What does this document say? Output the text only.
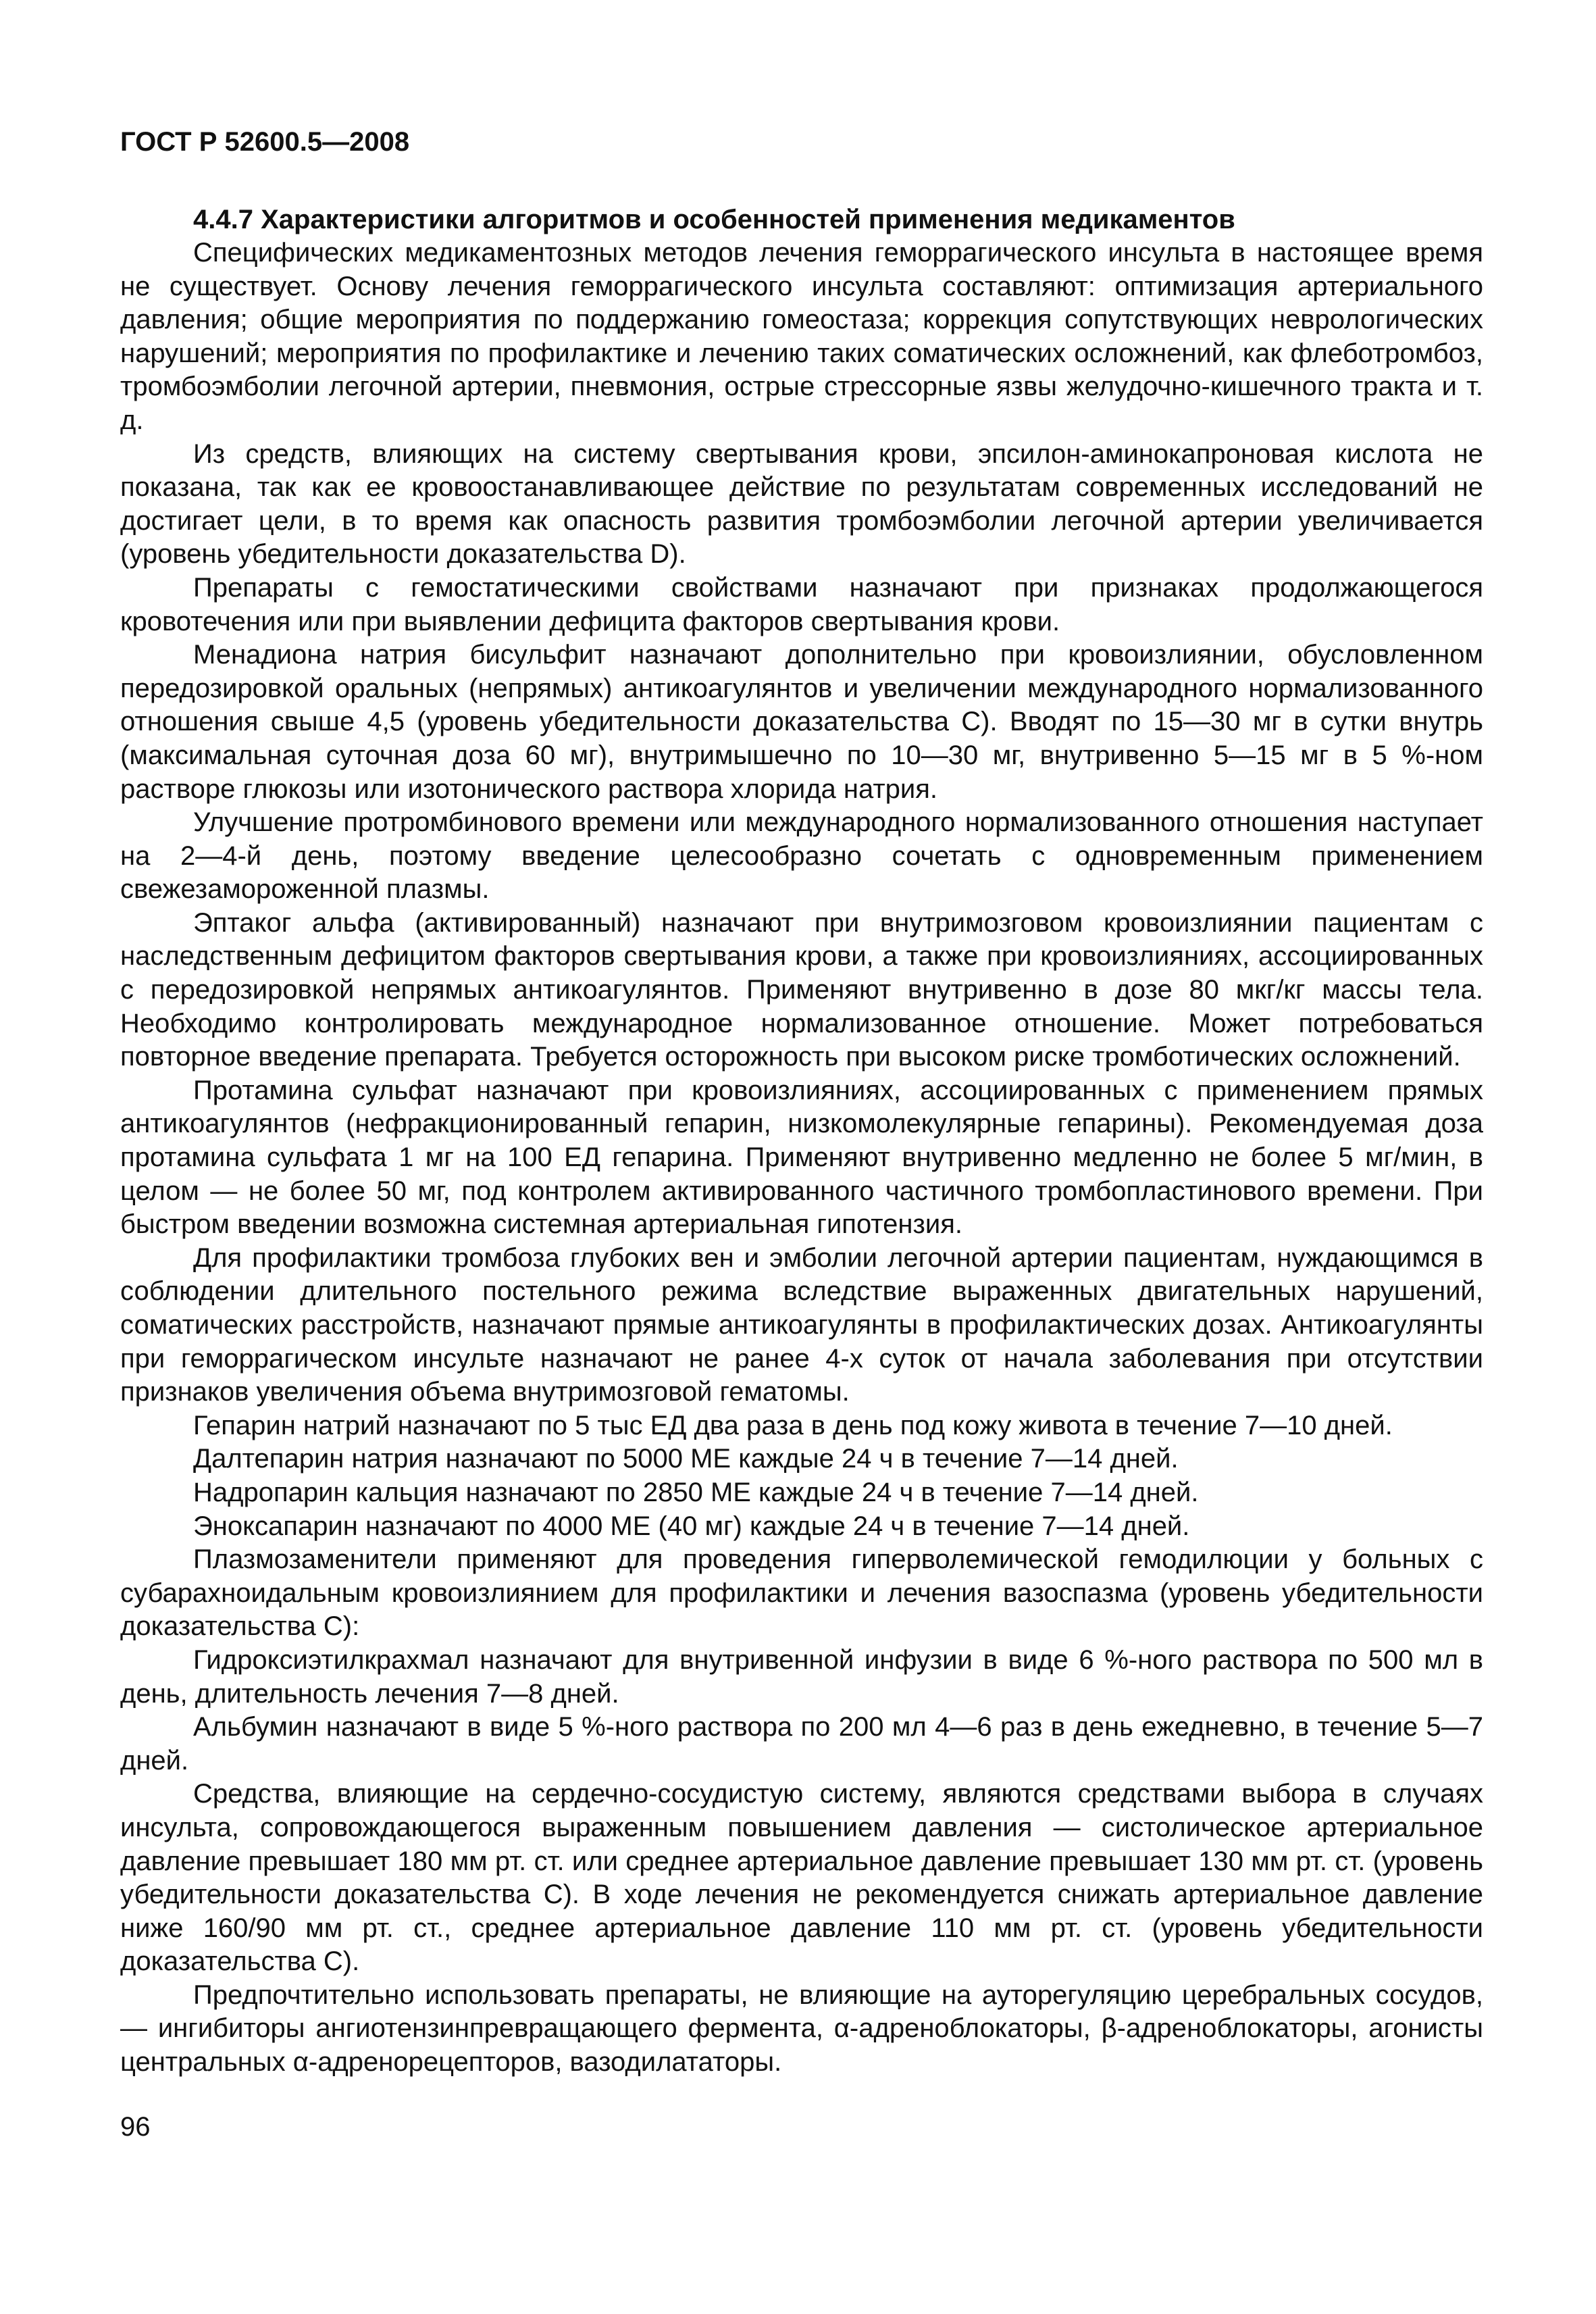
ГОСТ Р 52600.5—2008

4.4.7 Характеристики алгоритмов и особенностей применения медикаментов

Специфических медикаментозных методов лечения геморрагического инсульта в настоящее время не существует. Основу лечения геморрагического инсульта составляют: оптимизация артериального давления; общие мероприятия по поддержанию гомеостаза; коррекция сопутствующих неврологических нарушений; мероприятия по профилактике и лечению таких соматических осложнений, как флеботромбоз, тромбоэмболии легочной артерии, пневмония, острые стрессорные язвы желудочно-кишечного тракта и т. д.

Из средств, влияющих на систему свертывания крови, эпсилон-аминокапроновая кислота не показана, так как ее кровоостанавливающее действие по результатам современных исследований не достигает цели, в то время как опасность развития тромбоэмболии легочной артерии увеличивается (уровень убедительности доказательства D).

Препараты с гемостатическими свойствами назначают при признаках продолжающегося кровотечения или при выявлении дефицита факторов свертывания крови.

Менадиона натрия бисульфит назначают дополнительно при кровоизлиянии, обусловленном передозировкой оральных (непрямых) антикоагулянтов и увеличении международного нормализованного отношения свыше 4,5 (уровень убедительности доказательства С). Вводят по 15—30 мг в сутки внутрь (максимальная суточная доза 60 мг), внутримышечно по 10—30 мг, внутривенно 5—15 мг в 5 %-ном растворе глюкозы или изотонического раствора хлорида натрия.

Улучшение протромбинового времени или международного нормализованного отношения наступает на 2—4-й день, поэтому введение целесообразно сочетать с одновременным применением свежезамороженной плазмы.

Эптаког альфа (активированный) назначают при внутримозговом кровоизлиянии пациентам с наследственным дефицитом факторов свертывания крови, а также при кровоизлияниях, ассоциированных с передозировкой непрямых антикоагулянтов. Применяют внутривенно в дозе 80 мкг/кг массы тела. Необходимо контролировать международное нормализованное отношение. Может потребоваться повторное введение препарата. Требуется осторожность при высоком риске тромботических осложнений.

Протамина сульфат назначают при кровоизлияниях, ассоциированных с применением прямых антикоагулянтов (нефракционированный гепарин, низкомолекулярные гепарины). Рекомендуемая доза протамина сульфата 1 мг на 100 ЕД гепарина. Применяют внутривенно медленно не более 5 мг/мин, в целом — не более 50 мг, под контролем активированного частичного тромбопластинового времени. При быстром введении возможна системная артериальная гипотензия.

Для профилактики тромбоза глубоких вен и эмболии легочной артерии пациентам, нуждающимся в соблюдении длительного постельного режима вследствие выраженных двигательных нарушений, соматических расстройств, назначают прямые антикоагулянты в профилактических дозах. Антикоагулянты при геморрагическом инсульте назначают не ранее 4-х суток от начала заболевания при отсутствии признаков увеличения объема внутримозговой гематомы.

Гепарин натрий назначают по 5 тыс ЕД два раза в день под кожу живота в течение 7—10 дней.

Далтепарин натрия назначают по 5000 МЕ каждые 24 ч в течение 7—14 дней.

Надропарин кальция назначают по 2850 МЕ каждые 24 ч в течение 7—14 дней.

Эноксапарин назначают по 4000 МЕ (40 мг) каждые 24 ч в течение 7—14 дней.

Плазмозаменители применяют для проведения гиперволемической гемодилюции у больных с субарахноидальным кровоизлиянием для профилактики и лечения вазоспазма (уровень убедительности доказательства С):

Гидроксиэтилкрахмал назначают для внутривенной инфузии в виде 6 %-ного раствора по 500 мл в день, длительность лечения 7—8 дней.

Альбумин назначают в виде 5 %-ного раствора по 200 мл 4—6 раз в день ежедневно, в течение 5—7 дней.

Средства, влияющие на сердечно-сосудистую систему, являются средствами выбора в случаях инсульта, сопровождающегося выраженным повышением давления — систолическое артериальное давление превышает 180 мм рт. ст. или среднее артериальное давление превышает 130 мм рт. ст. (уровень убедительности доказательства С). В ходе лечения не рекомендуется снижать артериальное давление ниже 160/90 мм рт. ст., среднее артериальное давление 110 мм рт. ст. (уровень убедительности доказательства С).

Предпочтительно использовать препараты, не влияющие на ауторегуляцию церебральных сосудов, — ингибиторы ангиотензинпревращающего фермента, α-адреноблокаторы, β-адреноблокаторы, агонисты центральных α-адренорецепторов, вазодилататоры.

96
